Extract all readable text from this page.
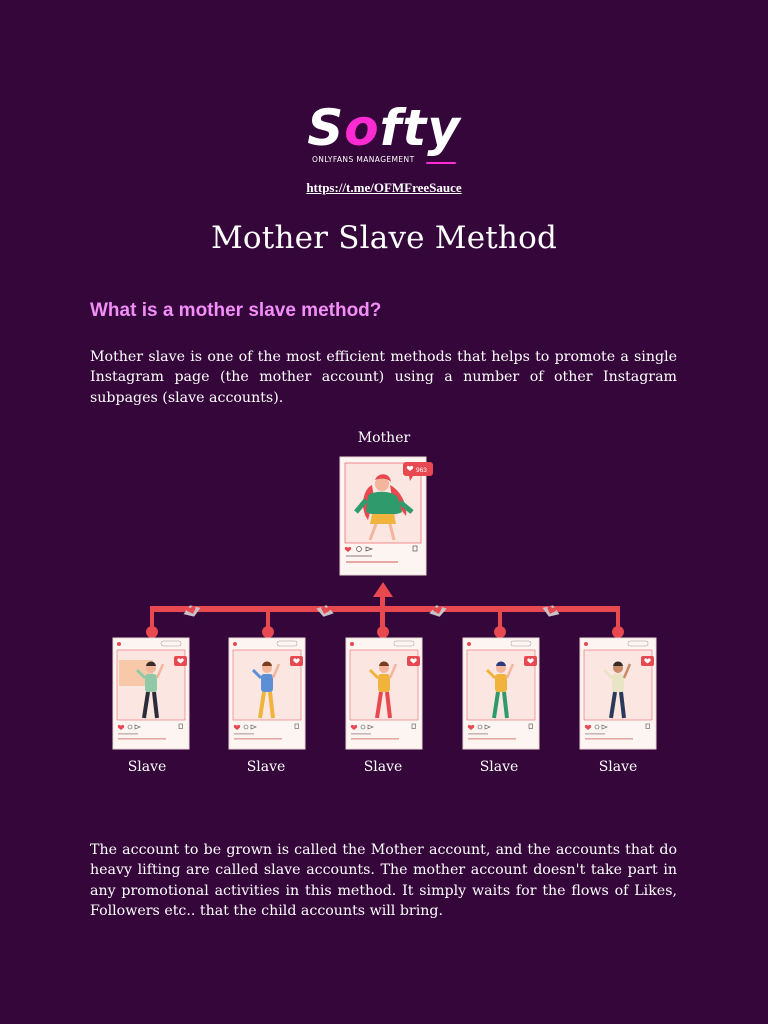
Softy
ONLYFANS MANAGEMENT
https://t.me/OFMFreeSauce
Mother Slave Method
What is a mother slave method?

Mother slave is one of the most efficient methods that helps to promote a single Instagram page (the mother account) using a number of other Instagram subpages (slave accounts).

963
Mother
Slave	Slave	Slave	Slave	Slave

The account to be grown is called the Mother account, and the accounts that do heavy lifting are called slave accounts. The mother account doesn't take part in any promotional activities in this method. It simply waits for the flows of Likes, Followers etc.. that the child accounts will bring.
